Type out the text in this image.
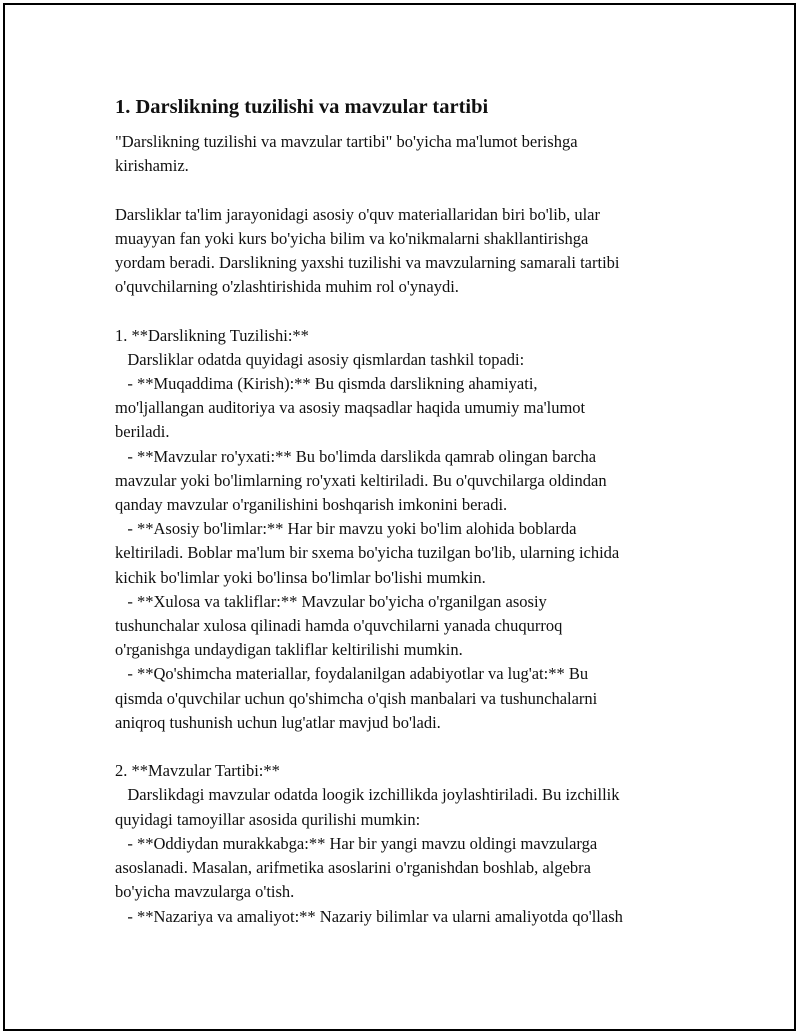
1. Darslikning tuzilishi va mavzular tartibi

"Darslikning tuzilishi va mavzular tartibi" bo'yicha ma'lumot berishga
kirishamiz.

Darsliklar ta'lim jarayonidagi asosiy o'quv materiallaridan biri bo'lib, ular
muayyan fan yoki kurs bo'yicha bilim va ko'nikmalarni shakllantirishga
yordam beradi. Darslikning yaxshi tuzilishi va mavzularning samarali tartibi
o'quvchilarning o'zlashtirishida muhim rol o'ynaydi.

1. **Darslikning Tuzilishi:**
Darsliklar odatda quyidagi asosiy qismlardan tashkil topadi:
- **Muqaddima (Kirish):** Bu qismda darslikning ahamiyati,
mo'ljallangan auditoriya va asosiy maqsadlar haqida umumiy ma'lumot
beriladi.
- **Mavzular ro'yxati:** Bu bo'limda darslikda qamrab olingan barcha
mavzular yoki bo'limlarning ro'yxati keltiriladi. Bu o'quvchilarga oldindan
qanday mavzular o'rganilishini boshqarish imkonini beradi.
- **Asosiy bo'limlar:** Har bir mavzu yoki bo'lim alohida boblarda
keltiriladi. Boblar ma'lum bir sxema bo'yicha tuzilgan bo'lib, ularning ichida
kichik bo'limlar yoki bo'linsa bo'limlar bo'lishi mumkin.
- **Xulosa va takliflar:** Mavzular bo'yicha o'rganilgan asosiy
tushunchalar xulosa qilinadi hamda o'quvchilarni yanada chuqurroq
o'rganishga undaydigan takliflar keltirilishi mumkin.
- **Qo'shimcha materiallar, foydalanilgan adabiyotlar va lug'at:** Bu
qismda o'quvchilar uchun qo'shimcha o'qish manbalari va tushunchalarni
aniqroq tushunish uchun lug'atlar mavjud bo'ladi.

2. **Mavzular Tartibi:**
Darslikdagi mavzular odatda loogik izchillikda joylashtiriladi. Bu izchillik
quyidagi tamoyillar asosida qurilishi mumkin:
- **Oddiydan murakkabga:** Har bir yangi mavzu oldingi mavzularga
asoslanadi. Masalan, arifmetika asoslarini o'rganishdan boshlab, algebra
bo'yicha mavzularga o'tish.
- **Nazariya va amaliyot:** Nazariy bilimlar va ularni amaliyotda qo'llash
